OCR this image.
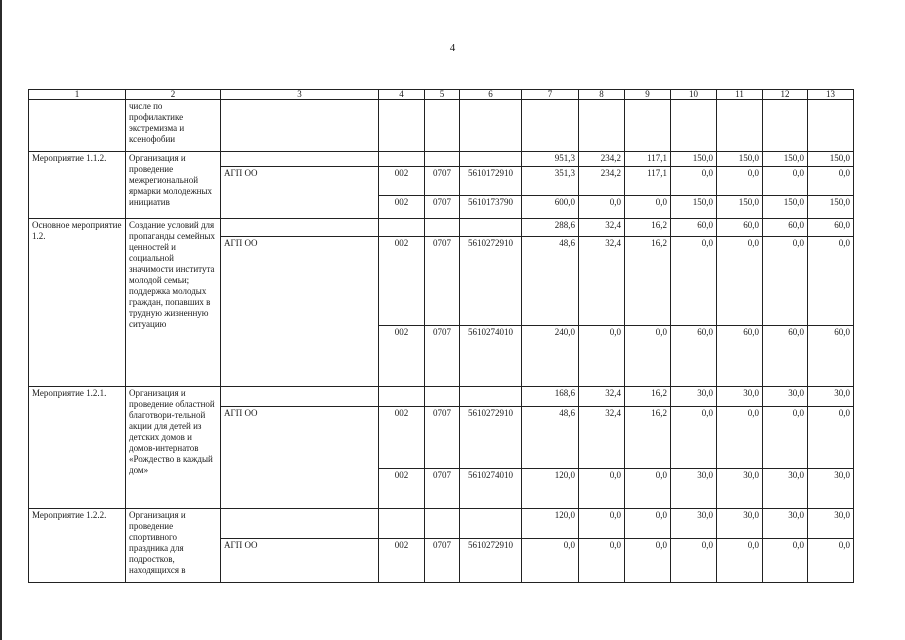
4
1	2	3	4	5	6	7	8	9	10	11	12	13
	числе по профилактике экстремизма и ксенофобии											
Мероприятие 1.1.2.	Организация и проведение межрегиональной ярмарки молодежных инициатив					951,3	234,2	117,1	150,0	150,0	150,0	150,0
		АГП ОО	002	0707	5610172910	351,3	234,2	117,1	0,0	0,0	0,0	0,0
			002	0707	5610173790	600,0	0,0	0,0	150,0	150,0	150,0	150,0
Основное мероприятие 1.2.	Создание условий для пропаганды семейных ценностей и социальной значимости института молодой семьи; поддержка молодых граждан, попавших в трудную жизненную ситуацию					288,6	32,4	16,2	60,0	60,0	60,0	60,0
		АГП ОО	002	0707	5610272910	48,6	32,4	16,2	0,0	0,0	0,0	0,0
			002	0707	5610274010	240,0	0,0	0,0	60,0	60,0	60,0	60,0
Мероприятие 1.2.1.	Организация и проведение областной благотвори-тельной акции для детей из детских домов и домов-интернатов «Рождество в каждый дом»					168,6	32,4	16,2	30,0	30,0	30,0	30,0
		АГП ОО	002	0707	5610272910	48,6	32,4	16,2	0,0	0,0	0,0	0,0
			002	0707	5610274010	120,0	0,0	0,0	30,0	30,0	30,0	30,0
Мероприятие 1.2.2.	Организация и проведение спортивного праздника для подростков, находящихся в					120,0	0,0	0,0	30,0	30,0	30,0	30,0
		АГП ОО	002	0707	5610272910	0,0	0,0	0,0	0,0	0,0	0,0	0,0
